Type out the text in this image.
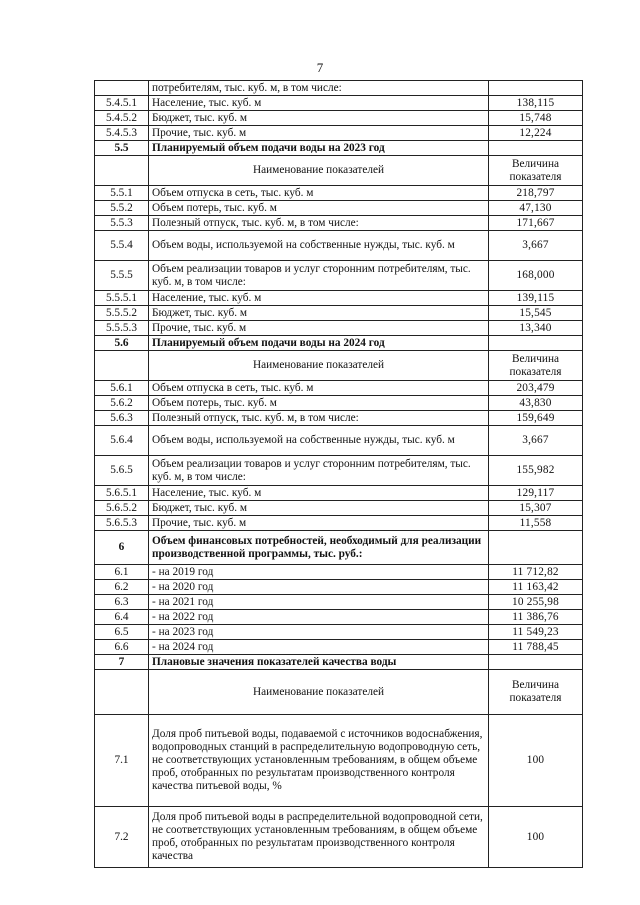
7
	потребителям, тыс. куб. м, в том числе:	
5.4.5.1	Население, тыс. куб. м	138,115
5.4.5.2	Бюджет, тыс. куб. м	15,748
5.4.5.3	Прочие, тыс. куб. м	12,224
5.5	Планируемый объем подачи воды на 2023 год	
	Наименование показателей	Величина показателя
5.5.1	Объем отпуска в сеть, тыс. куб. м	218,797
5.5.2	Объем потерь, тыс. куб. м	47,130
5.5.3	Полезный отпуск, тыс. куб. м, в том числе:	171,667
5.5.4	Объем воды, используемой на собственные нужды, тыс. куб. м	3,667
5.5.5	Объем реализации товаров и услуг сторонним потребителям, тыс. куб. м, в том числе:	168,000
5.5.5.1	Население, тыс. куб. м	139,115
5.5.5.2	Бюджет, тыс. куб. м	15,545
5.5.5.3	Прочие, тыс. куб. м	13,340
5.6	Планируемый объем подачи воды на 2024 год	
	Наименование показателей	Величина показателя
5.6.1	Объем отпуска в сеть, тыс. куб. м	203,479
5.6.2	Объем потерь, тыс. куб. м	43,830
5.6.3	Полезный отпуск, тыс. куб. м, в том числе:	159,649
5.6.4	Объем воды, используемой на собственные нужды, тыс. куб. м	3,667
5.6.5	Объем реализации товаров и услуг сторонним потребителям, тыс. куб. м, в том числе:	155,982
5.6.5.1	Население, тыс. куб. м	129,117
5.6.5.2	Бюджет, тыс. куб. м	15,307
5.6.5.3	Прочие, тыс. куб. м	11,558
6	Объем финансовых потребностей, необходимый для реализации производственной программы, тыс. руб.:	
6.1	- на 2019 год	11 712,82
6.2	- на 2020 год	11 163,42
6.3	- на 2021 год	10 255,98
6.4	- на 2022 год	11 386,76
6.5	- на 2023 год	11 549,23
6.6	- на 2024 год	11 788,45
7	Плановые значения показателей качества воды	
	Наименование показателей	Величина показателя
7.1	Доля проб питьевой воды, подаваемой с источников водоснабжения, водопроводных станций в распределительную водопроводную сеть, не соответствующих установленным требованиям, в общем объеме проб, отобранных по результатам производственного контроля качества питьевой воды, %	100
7.2	Доля проб питьевой воды в распределительной водопроводной сети, не соответствующих установленным требованиям, в общем объеме проб, отобранных по результатам производственного контроля качества	100
